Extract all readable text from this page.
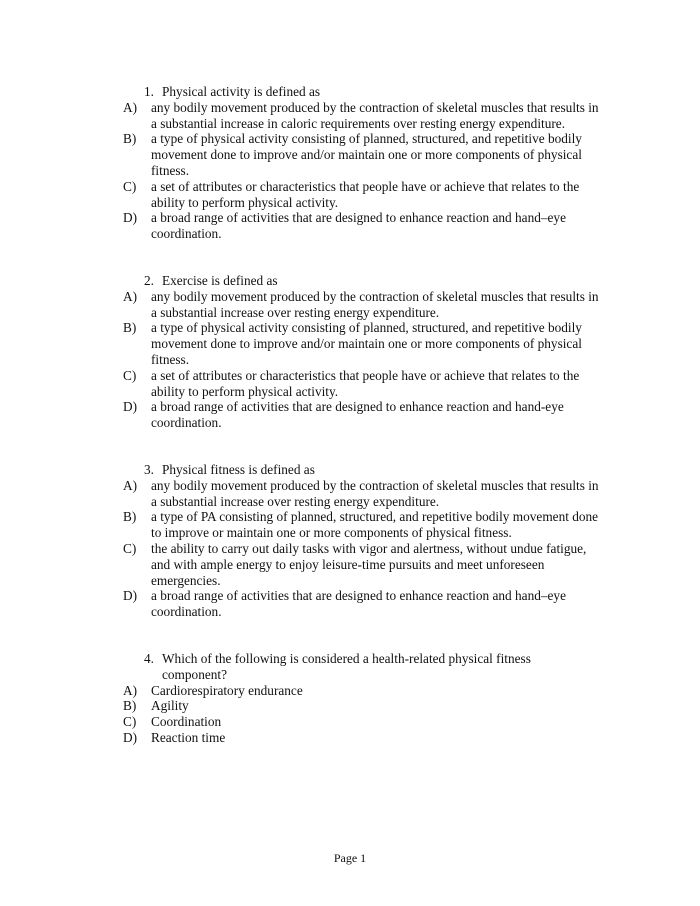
1. Physical activity is defined as

A) any bodily movement produced by the contraction of skeletal muscles that results in a substantial increase in caloric requirements over resting energy expenditure.
B) a type of physical activity consisting of planned, structured, and repetitive bodily movement done to improve and/or maintain one or more components of physical fitness.
C) a set of attributes or characteristics that people have or achieve that relates to the ability to perform physical activity.
D) a broad range of activities that are designed to enhance reaction and hand–eye coordination.

2. Exercise is defined as

A) any bodily movement produced by the contraction of skeletal muscles that results in a substantial increase over resting energy expenditure.
B) a type of physical activity consisting of planned, structured, and repetitive bodily movement done to improve and/or maintain one or more components of physical fitness.
C) a set of attributes or characteristics that people have or achieve that relates to the ability to perform physical activity.
D) a broad range of activities that are designed to enhance reaction and hand-eye coordination.

3. Physical fitness is defined as

A) any bodily movement produced by the contraction of skeletal muscles that results in a substantial increase over resting energy expenditure.
B) a type of PA consisting of planned, structured, and repetitive bodily movement done to improve or maintain one or more components of physical fitness.
C) the ability to carry out daily tasks with vigor and alertness, without undue fatigue, and with ample energy to enjoy leisure-time pursuits and meet unforeseen emergencies.
D) a broad range of activities that are designed to enhance reaction and hand–eye coordination.

4. Which of the following is considered a health-related physical fitness component?

A) Cardiorespiratory endurance
B) Agility
C) Coordination
D) Reaction time
Page 1
